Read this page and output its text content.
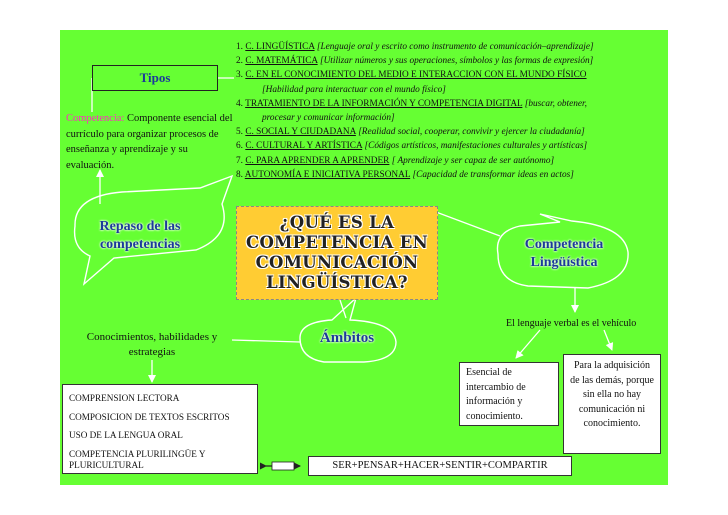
1. C. LINGÜÍSTICA [Lenguaje oral y escrito como instrumento de comunicación–aprendizaje]
2. C. MATEMÁTICA [Utilizar números y sus operaciones, símbolos y las formas de expresión]
3. C. EN EL CONOCIMIENTO DEL MEDIO E INTERACCION CON EL MUNDO FÍSICO
[Habilidad para interactuar con el mundo físico]
4. TRATAMIENTO DE LA INFORMACIÓN Y COMPETENCIA DIGITAL [buscar, obtener,
procesar y comunicar información]
5. C. SOCIAL Y CIUDADANA [Realidad social, cooperar, convivir y ejercer la ciudadanía]
6. C. CULTURAL Y ARTÍSTICA [Códigos artísticos, manifestaciones culturales y artísticas]
7. C. PARA APRENDER A APRENDER [ Aprendizaje y ser capaz de ser autónomo]
8. AUTONOMÍA E INICIATIVA PERSONAL [Capacidad de transformar ideas en actos]
Tipos
Competencia: Componente esencial del currículo para organizar procesos de enseñanza y aprendizaje y su evaluación.
¿QUÉ ES LA
COMPETENCIA EN
COMUNICACIÓN
LINGÜÍSTICA?
Repaso de las competencias	Competencia Lingüística
Ámbitos
Conocimientos, habilidades y estrategias
El lenguaje verbal es el vehículo
COMPRENSION LECTORA
COMPOSICION DE TEXTOS ESCRITOS
USO DE LA LENGUA ORAL
COMPETENCIA PLURILINGÜE Y
PLURICULTURAL
Esencial de intercambio de información y conocimiento.
Para la adquisición de las demás, porque sin ella no hay comunicación ni conocimiento.
SER+PENSAR+HACER+SENTIR+COMPARTIR
